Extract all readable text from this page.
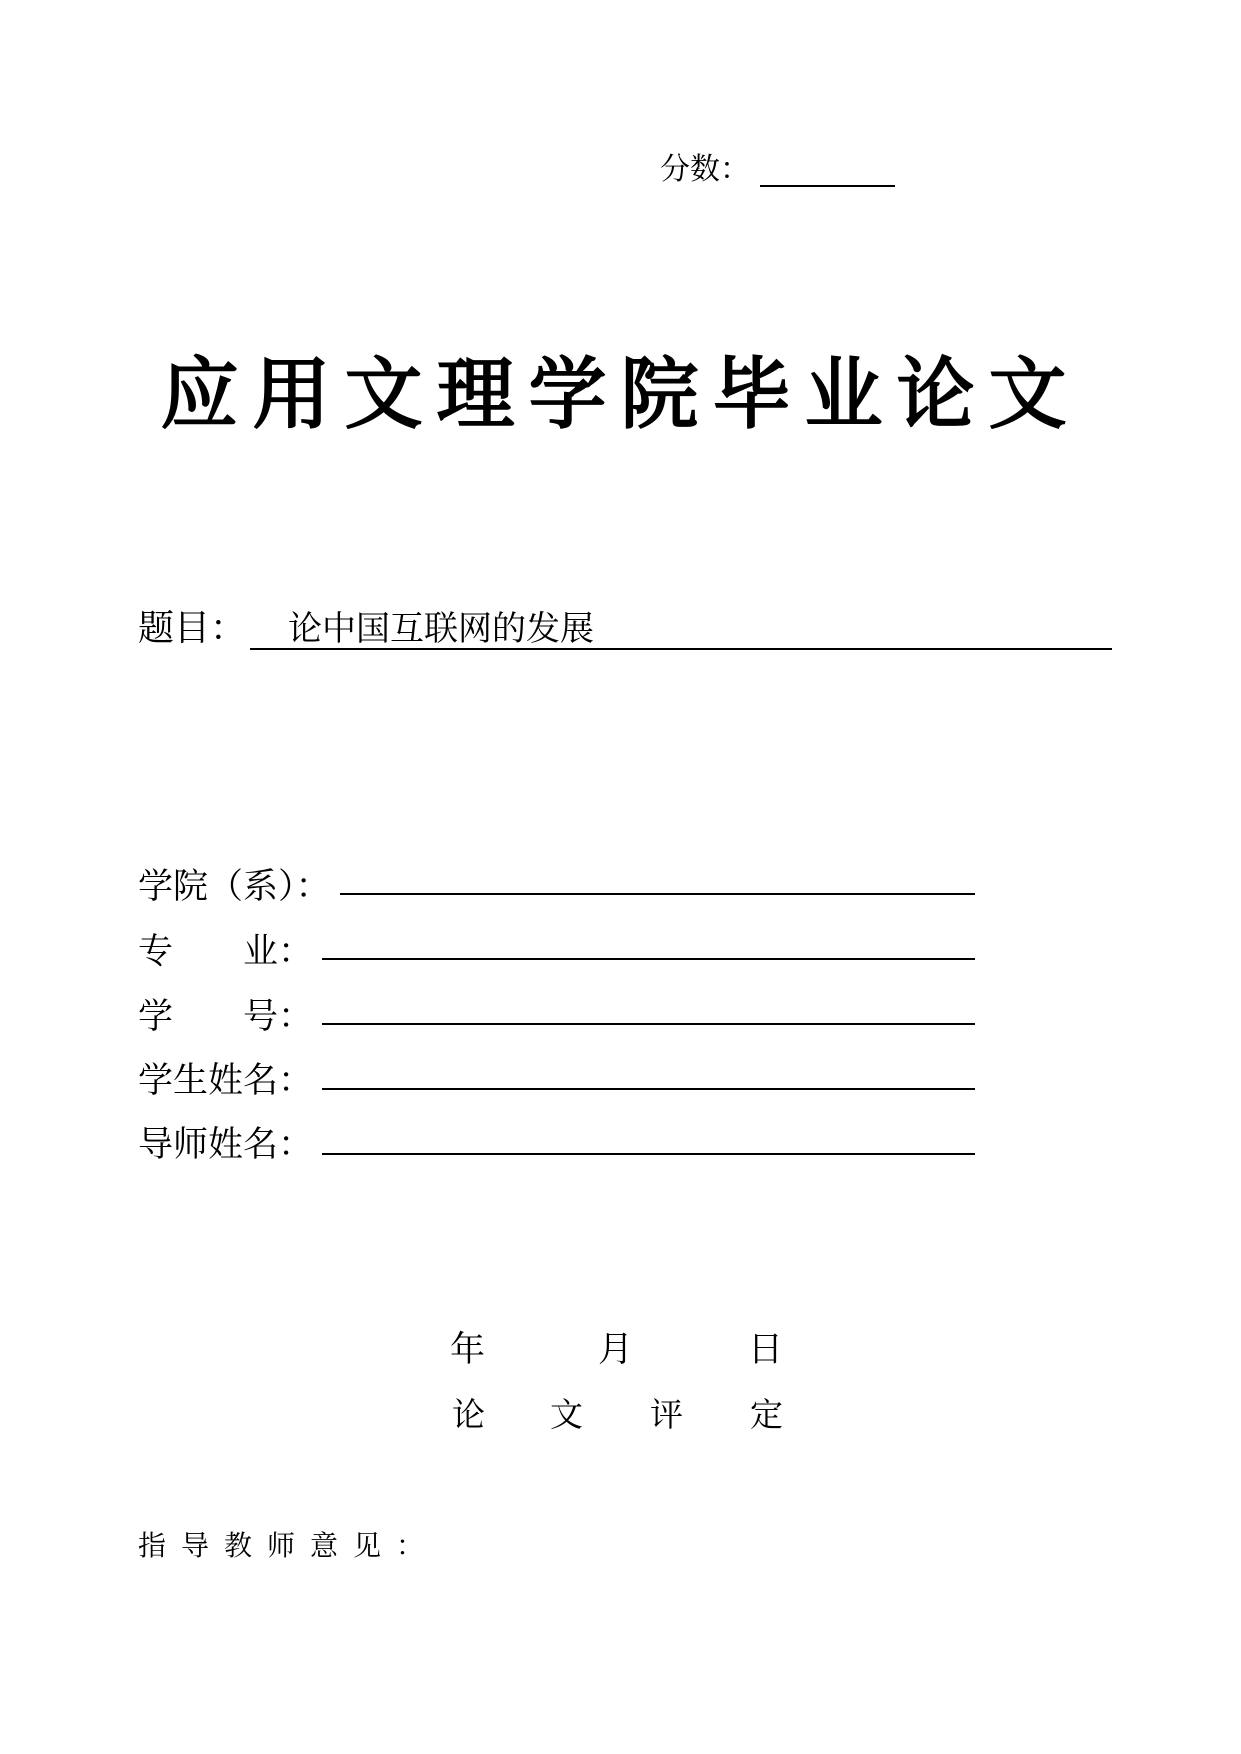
分数：
应用文理学院毕业论文
题目： 论中国互联网的发展
学院（系）：
专　　业：
学　　号：
学生姓名：
导师姓名：
年	月	日
论 文 评 定
指导教师意见：
